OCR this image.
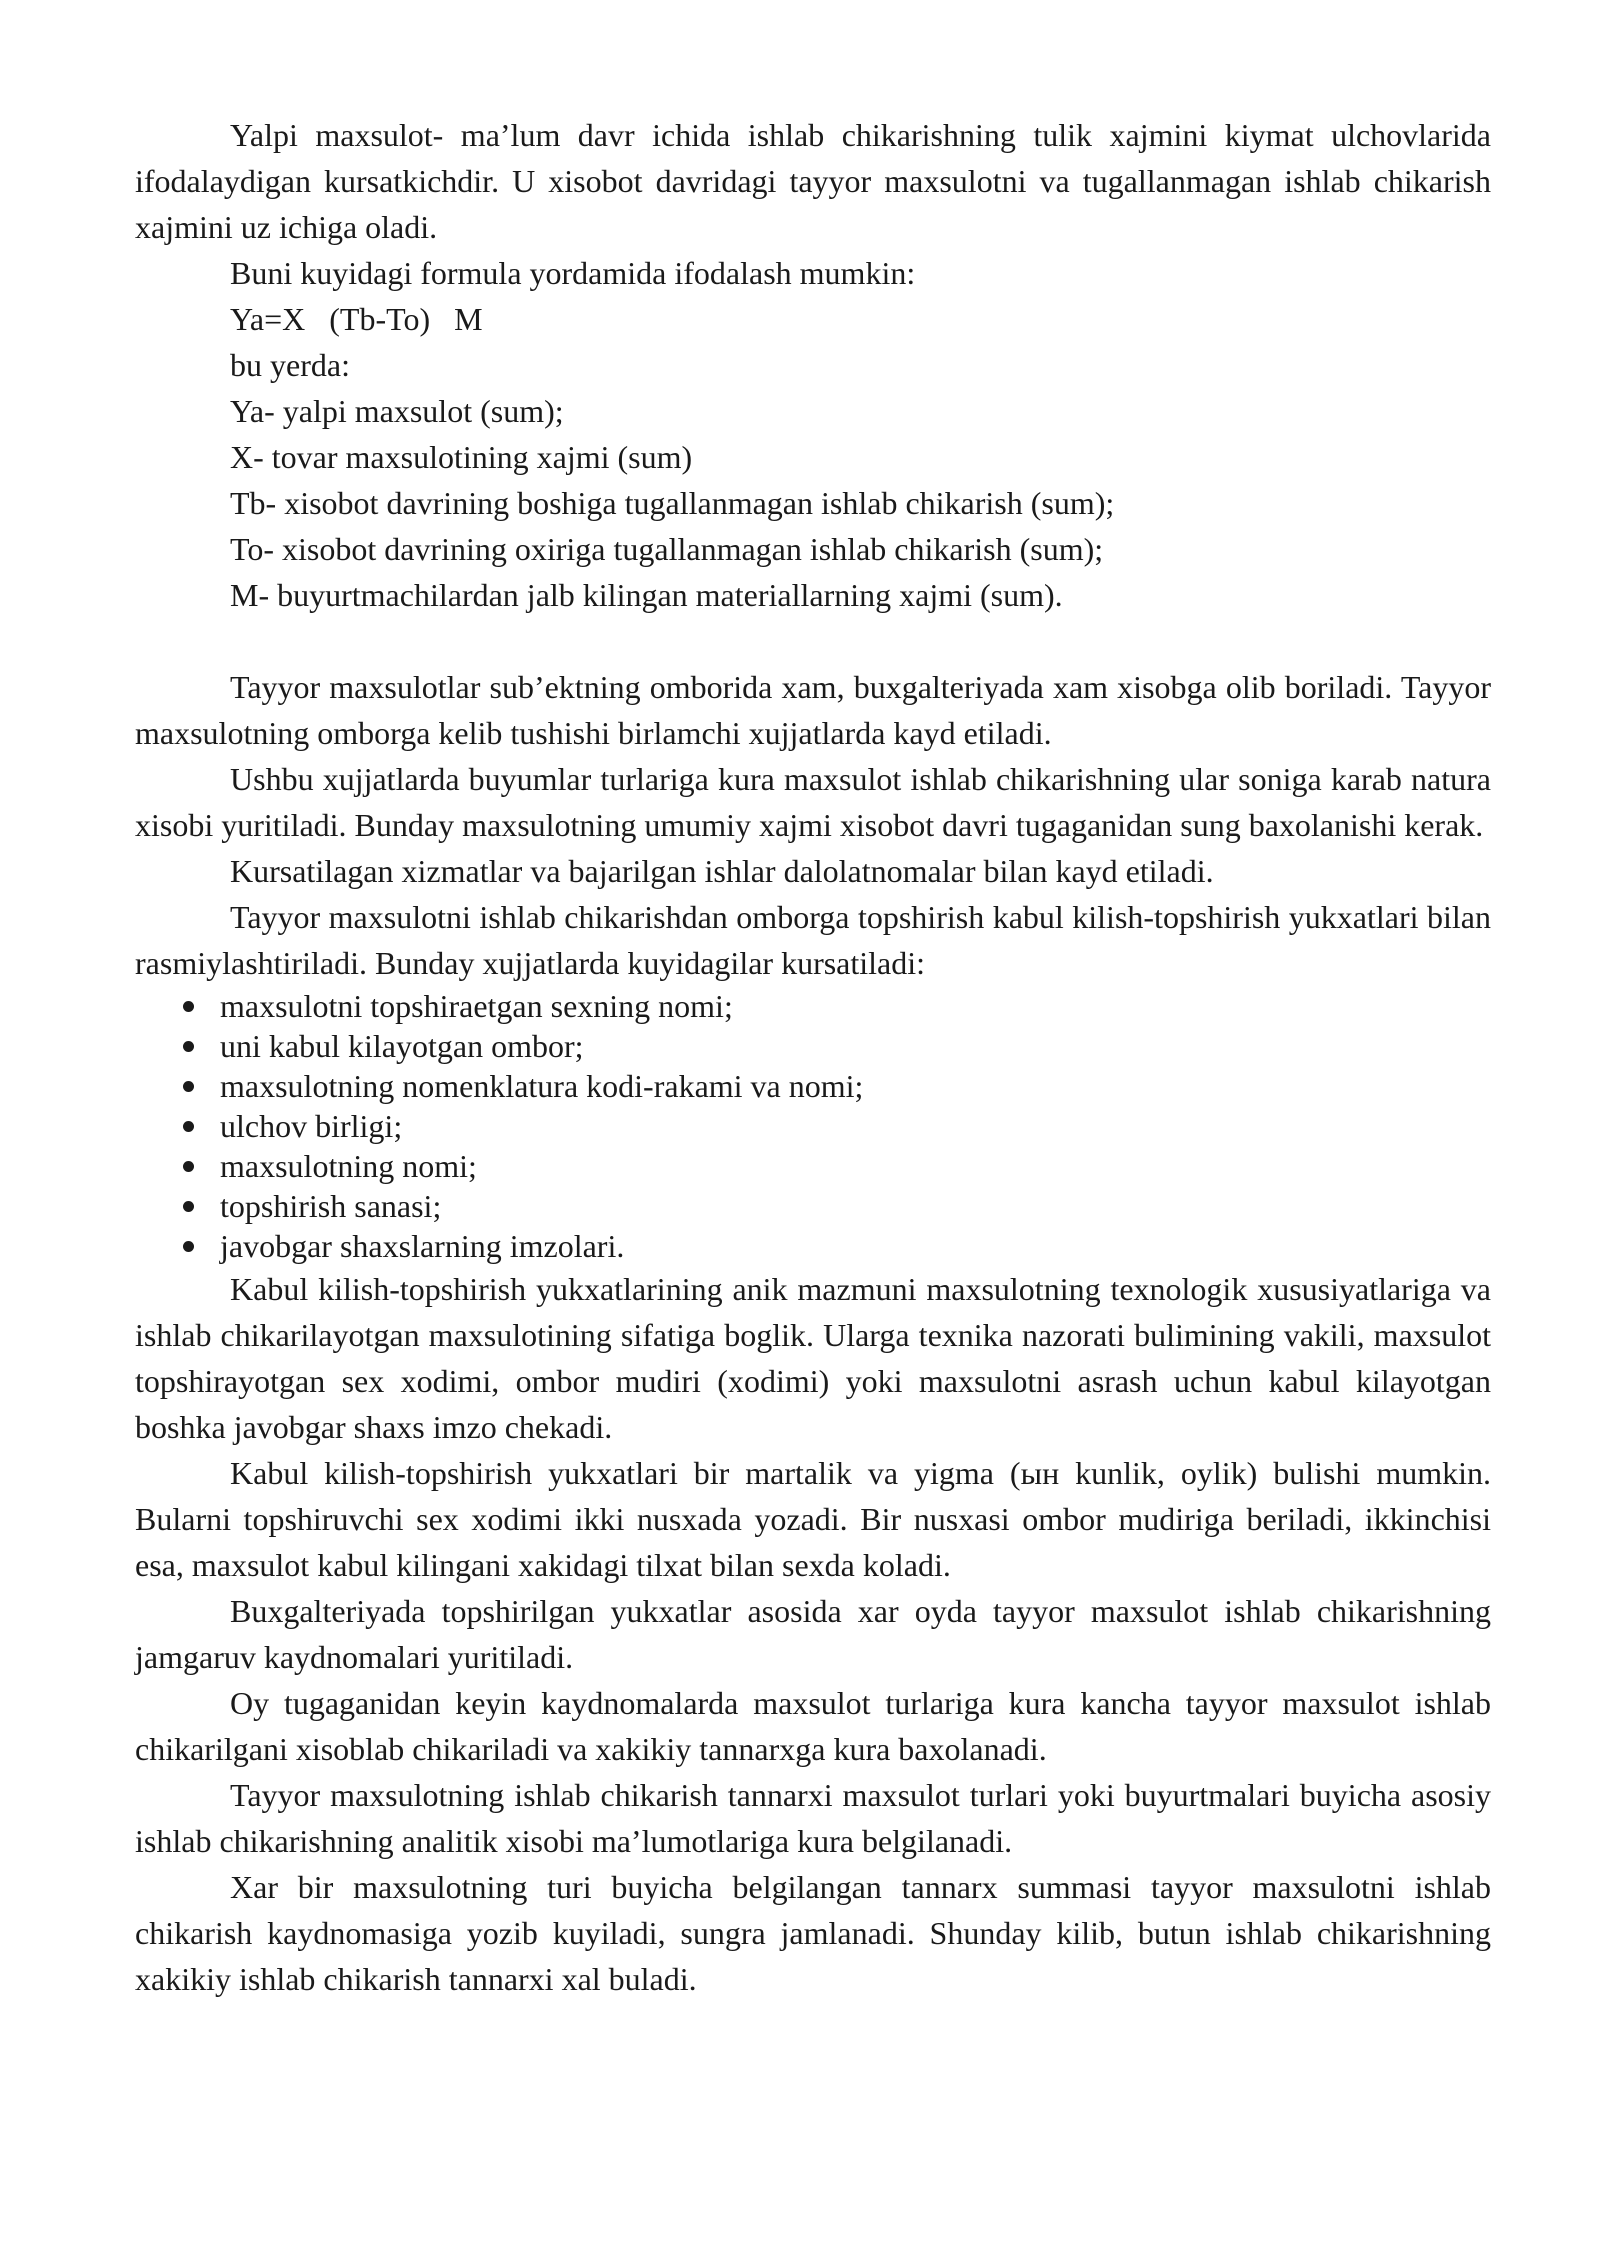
Yalpi maxsulot- ma’lum davr ichida ishlab chikarishning tulik xajmini kiymat ulchovlarida ifodalaydigan kursatkichdir. U xisobot davridagi tayyor maxsulotni va tugallanmagan ishlab chikarish xajmini uz ichiga oladi.

Buni kuyidagi formula yordamida ifodalash mumkin:

Ya=X   (Tb-To)   M

bu yerda:

Ya- yalpi maxsulot (sum);

X- tovar maxsulotining xajmi (sum)

Tb- xisobot davrining boshiga tugallanmagan ishlab chikarish (sum);

To- xisobot davrining oxiriga tugallanmagan ishlab chikarish (sum);

M- buyurtmachilardan jalb kilingan materiallarning xajmi (sum).

Tayyor maxsulotlar sub’ektning omborida xam, buxgalteriyada xam xisobga olib boriladi. Tayyor maxsulotning omborga kelib tushishi birlamchi xujjatlarda kayd etiladi.

Ushbu xujjatlarda buyumlar turlariga kura maxsulot ishlab chikarishning ular soniga karab natura xisobi yuritiladi. Bunday maxsulotning umumiy xajmi xisobot davri tugaganidan sung baxolanishi kerak.

Kursatilagan xizmatlar va bajarilgan ishlar dalolatnomalar bilan kayd etiladi.

Tayyor maxsulotni ishlab chikarishdan omborga topshirish kabul kilish-topshirish yukxatlari bilan rasmiylashtiriladi. Bunday xujjatlarda kuyidagilar kursatiladi:

maxsulotni topshiraetgan sexning nomi;
uni kabul kilayotgan ombor;
maxsulotning nomenklatura kodi-rakami va nomi;
ulchov birligi;
maxsulotning nomi;
topshirish sanasi;
javobgar shaxslarning imzolari.

Kabul kilish-topshirish yukxatlarining anik mazmuni maxsulotning texnologik xususiyatlariga va ishlab chikarilayotgan maxsulotining sifatiga boglik. Ularga texnika nazorati bulimining vakili, maxsulot topshirayotgan sex xodimi, ombor mudiri (xodimi) yoki maxsulotni asrash uchun kabul kilayotgan boshka javobgar shaxs imzo chekadi.

Kabul kilish-topshirish yukxatlari bir martalik va yigma (ын kunlik, oylik) bulishi mumkin. Bularni topshiruvchi sex xodimi ikki nusxada yozadi. Bir nusxasi ombor mudiriga beriladi, ikkinchisi esa, maxsulot kabul kilingani xakidagi tilxat bilan sexda koladi.

Buxgalteriyada topshirilgan yukxatlar asosida xar oyda tayyor maxsulot ishlab chikarishning jamgaruv kaydnomalari yuritiladi.

Oy tugaganidan keyin kaydnomalarda maxsulot turlariga kura kancha tayyor maxsulot ishlab chikarilgani xisoblab chikariladi va xakikiy tannarxga kura baxolanadi.

Tayyor maxsulotning ishlab chikarish tannarxi maxsulot turlari yoki buyurtmalari buyicha asosiy ishlab chikarishning analitik xisobi ma’lumotlariga kura belgilanadi.

Xar bir maxsulotning turi buyicha belgilangan tannarx summasi tayyor maxsulotni ishlab chikarish kaydnomasiga yozib kuyiladi, sungra jamlanadi. Shunday kilib, butun ishlab chikarishning xakikiy ishlab chikarish tannarxi xal buladi.
